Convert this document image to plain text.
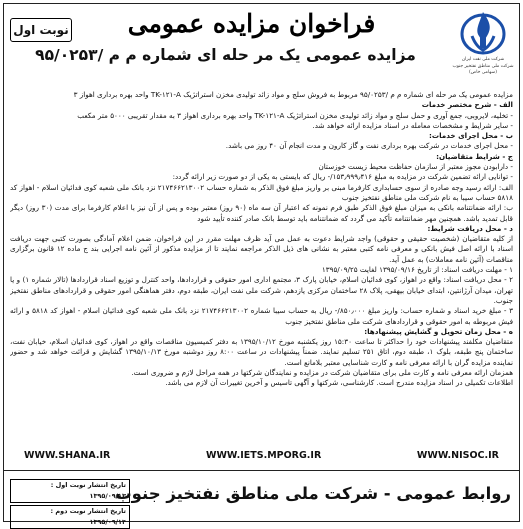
شرکت ملی نفت ایران
شرکت ملی مناطق نفتخیز جنوب
(سهامی خاص)
فراخوان مزایده عمومی
مزایده عمومی یک مر حله ای شماره م م /۹۵/۰۲۵۳
نوبت اول

مزایده عمومی یک مر حله ای شماره م م /۹۵/۰۲۵۳ مربوط به فروش سلج و مواد زائد تولیدی مخزن استراتژیک TK-۱۲۱-A واحد بهره برداری اهواز ۳

الف - شرح مختصر خدمات

- تخلیه، لایروبی، جمع آوری و حمل سلج و مواد زائد تولیدی مخزن استراتژیک TK-۱۲۱-A واحد بهره برداری اهواز ۳ به مقدار تقریبی ۵۰۰۰ متر مکعب

- سایر شرایط و مشخصات معامله در اسناد مزایده ارائه خواهد شد.

ب - محل اجرای خدمات:

- محل اجرای خدمات در شرکت بهره برداری نفت و گاز کارون و مدت انجام آن ۴۰ روز می باشد.

ج - شرایط متقاضیان:

- دارابودن مجوز معتبر از سازمان حفاظت محیط زیست خوزستان

- توانایی ارائه تضمین شرکت در مزایده به مبلغ ۱۵۳٫۹۹۹٫۴۱۶/- ریال که بایستی به یکی از دو صورت زیر ارائه گردد:

الف: ارائه رسید وجه صادره از سوی حسابداری کارفرما مبنی بر واریز مبلغ فوق الذکر به شماره حساب ۲۱۷۴۶۶۲۱۳۰۰۲ نزد بانک ملی شعبه کوی فدائیان اسلام - اهواز کد ۵۸۱۸ حساب سیبا به نام شرکت ملی مناطق نفتخیز جنوب

ب: ارائه ضمانتنامه بانکی به میزان مبلغ فوق الذکر طبق فرم نمونه که اعتبار آن سه ماه (۹۰ روز) معتبر بوده و پس از آن نیز با اعلام کارفرما برای مدت (۳۰ روز) دیگر قابل تمدید باشد. همچنین مهر ضمانتنامه تأکید می گردد که ضمانتنامه باید توسط بانک صادر کننده تأیید شود

د - محل دریافت شرایط:

از کلیه متقاضیان (شخصیت حقیقی و حقوقی) واجد شرایط دعوت به عمل می آید ظرف مهلت مقرر در این فراخوان، ضمن اعلام آمادگی بصورت کتبی جهت دریافت اسناد با ارائه اصل فیش بانکی و معرفی نامه کتبی معتبر به نشانی های ذیل الذکر مراجعه نمایند تا از مزایده مذکور از آئین نامه اجرایی بند ج ماده ۱۲ قانون برگزاری مناقصات (آئین نامه معاملات) به عمل آید.

۱ - مهلت دریافت اسناد: از تاریخ ۱۳۹۵/۰۹/۱۶ لغایت ۱۳۹۵/۰۹/۲۵

۲ - محل دریافت اسناد: واقع در اهواز، کوی فدائیان اسلام، خیابان پارک ۳، مجتمع اداری امور حقوقی و قراردادها، واحد کنترل و توزیع اسناد قراردادها (تالار شماره ۱) و یا تهران، میدان آرژانتین، ابتدای خیابان بیهقی، پلاک ۲۸ ساختمان مرکزی یازدهم، شرکت ملی نفت ایران، طبقه دوم، دفتر هماهنگی امور حقوقی و قراردادهای مناطق نفتخیز جنوب.

۳ - مبلغ خرید اسناد و شماره حساب: واریز مبلغ ۸۵۰٫۰۰۰/- ریال به حساب سیبا شماره ۲۱۷۴۶۶۲۱۳۰۰۲ نزد بانک ملی شعبه کوی فدائیان اسلام - اهواز کد ۵۸۱۸ و ارائه فیش مربوطه به امور حقوقی و قراردادهای شرکت ملی مناطق نفتخیز جنوب

ه - محل زمان تحویل و گشایش پیشنهادها:

متقاضیان مکلفند پیشنهادات خود را حداکثر تا ساعت ۱۵:۳۰ روز یکشنبه مورخ ۱۳۹۵/۱۰/۱۲ به دفتر کمیسیون مناقصات واقع در اهواز، کوی فدائیان اسلام، خیابان نفت، ساختمان پنج طبقه، بلوک ۱، طبقه دوم، اتاق ۲۵۱ تسلیم نمایند. ضمناً پیشنهادات در ساعت ۸:۰۰ روز دوشنبه مورخ ۱۳۹۵/۱۰/۱۳ گشایش و قرائت خواهد شد و حضور نماینده مزایده گران با ارائه معرفی نامه و کارت شناسایی معتبر بلامانع است.

همزمان ارائه معرفی نامه و کارت ملی برای متقاضیان شرکت در مزایده و نمایندگان شرکتها در همه مراحل لازم و ضروری است.

اطلاعات تکمیلی در اسناد مزایده مندرج است. کارشناسی، شرکتها و آگهی تاسیس و آخرین تغییرات آن لازم می باشد.

WWW.SHANA.IR	WWW.IETS.MPORG.IR	WWW.NISOC.IR
تاریخ انتشار نوبت اول : ۱۳۹۵/۰۹/۱۳ تاریخ انتشار نوبت دوم : ۱۳۹۵/۰۹/۱۴
روابط عمومی - شرکت ملی مناطق نفتخیز جنوب
